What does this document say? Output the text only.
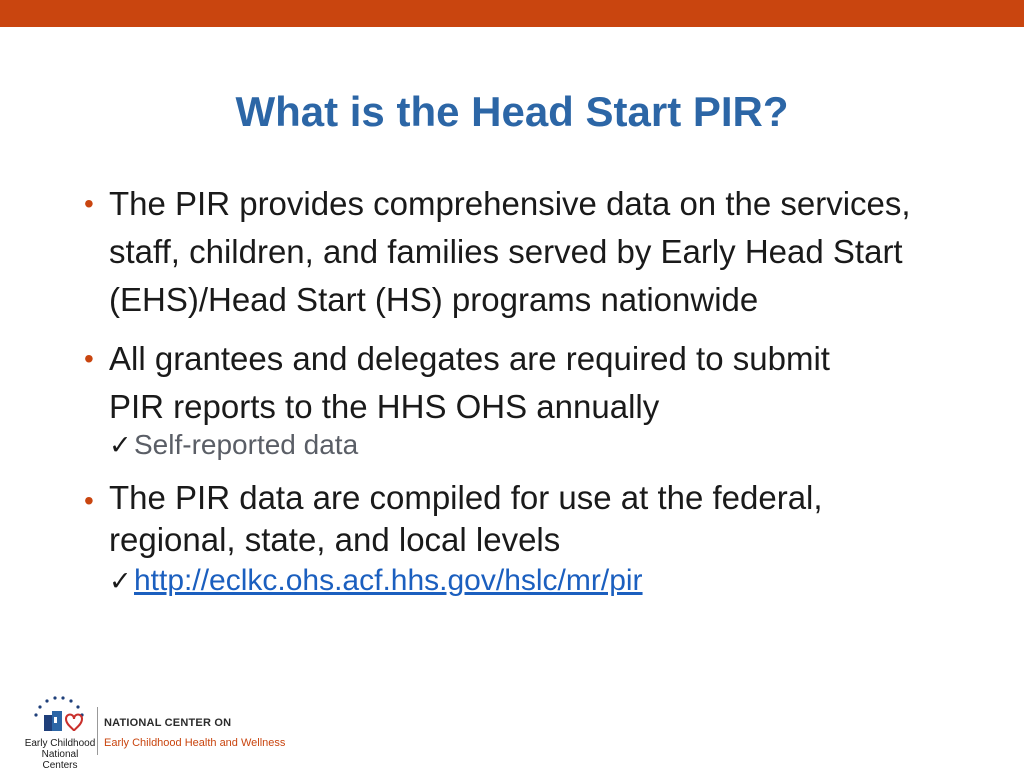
What is the Head Start PIR?
• The PIR provides comprehensive data on the services, staff, children, and families served by Early Head Start (EHS)/Head Start (HS) programs nationwide
• All grantees and delegates are required to submit
PIR reports to the HHS OHS annually
✓ Self-reported data
• The PIR data are compiled for use at the federal,
regional, state, and local levels
✓ http://eclkc.ohs.acf.hhs.gov/hslc/mr/pir
Early Childhood
National Centers
NATIONAL CENTER ON
Early Childhood Health and Wellness
